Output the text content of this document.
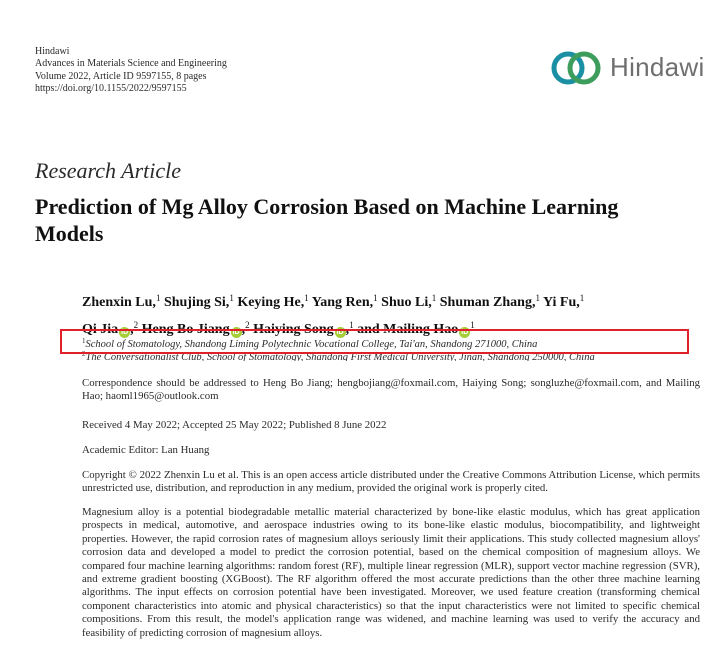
Hindawi
Advances in Materials Science and Engineering
Volume 2022, Article ID 9597155, 8 pages
https://doi.org/10.1155/2022/9597155
Hindawi
Research Article
Prediction of Mg Alloy Corrosion Based on Machine Learning Models
Zhenxin Lu,$^1$ Shujing Si,$^1$ Keying He,$^1$ Yang Ren,$^1$ Shuo Li,$^1$ Shuman Zhang,$^1$ Yi Fu,$^1$
Qi Jia iD ,$^2$ Heng Bo Jiang iD ,$^2$ Haiying Song iD ,$^1$ and Mailing Hao $iD^1$
$^1$School of Stomatology, Shandong Liming Polytechnic Vocational College, Tai'an, Shandong 271000, China
$^2$The Conversationalist Club, School of Stomatology, Shandong First Medical University, Jinan, Shandong 250000, China
Correspondence should be addressed to Heng Bo Jiang; hengbojiang@foxmail.com, Haiying Song; songluzhe@foxmail.com, and Mailing Hao; haoml1965@outlook.com
Received 4 May 2022; Accepted 25 May 2022; Published 8 June 2022
Academic Editor: Lan Huang
Copyright © 2022 Zhenxin Lu et al. This is an open access article distributed under the Creative Commons Attribution License, which permits unrestricted use, distribution, and reproduction in any medium, provided the original work is properly cited.
Magnesium alloy is a potential biodegradable metallic material characterized by bone-like elastic modulus, which has great application prospects in medical, automotive, and aerospace industries owing to its bone-like elastic modulus, biocompatibility, and lightweight properties. However, the rapid corrosion rates of magnesium alloys seriously limit their applications. This study collected magnesium alloys' corrosion data and developed a model to predict the corrosion potential, based on the chemical composition of magnesium alloys. We compared four machine learning algorithms: random forest (RF), multiple linear regression (MLR), support vector machine regression (SVR), and extreme gradient boosting (XGBoost). The RF algorithm offered the most accurate predictions than the other three machine learning algorithms. The input effects on corrosion potential have been investigated. Moreover, we used feature creation (transforming chemical component characteristics into atomic and physical characteristics) so that the input characteristics were not limited to specific chemical compositions. From this result, the model's application range was widened, and machine learning was used to verify the accuracy and feasibility of predicting corrosion of magnesium alloys.
